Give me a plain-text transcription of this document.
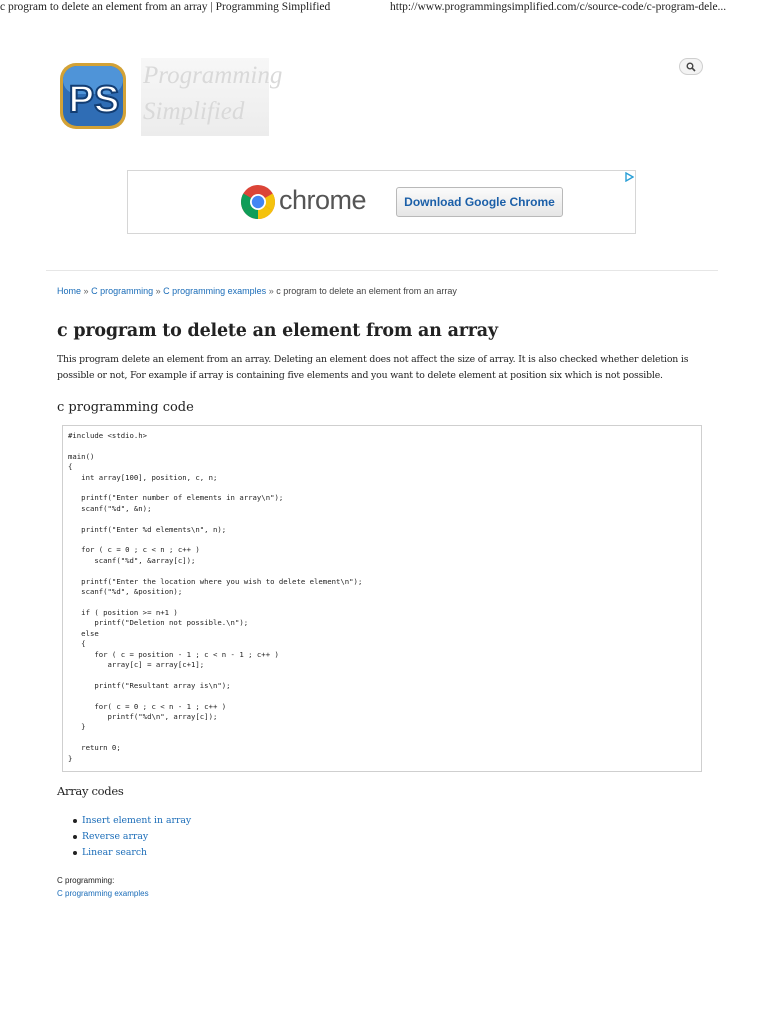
c program to delete an element from an array | Programming Simplified	http://www.programmingsimplified.com/c/source-code/c-program-dele...
PS
Programming
Simplified
chrome	Download Google Chrome
Home » C programming » C programming examples » c program to delete an element from an array
c program to delete an element from an array

This program delete an element from an array. Deleting an element does not affect the size of array. It is also checked whether deletion is possible or not, For example if array is containing five elements and you want to delete element at position six which is not possible.

c programming code
#include <stdio.h>

main()
{
int array[100], position, c, n;

printf("Enter number of elements in array\n");
scanf("%d", &n);

printf("Enter %d elements\n", n);

for ( c = 0 ; c < n ; c++ )
scanf("%d", &array[c]);

printf("Enter the location where you wish to delete element\n");
scanf("%d", &position);

if ( position >= n+1 )
printf("Deletion not possible.\n");
else
{
for ( c = position - 1 ; c < n - 1 ; c++ )
array[c] = array[c+1];

printf("Resultant array is\n");

for( c = 0 ; c < n - 1 ; c++ )
printf("%d\n", array[c]);
}

return 0;
}
Array codes
Insert element in array
Reverse array
Linear search
C programming:
C programming examples
